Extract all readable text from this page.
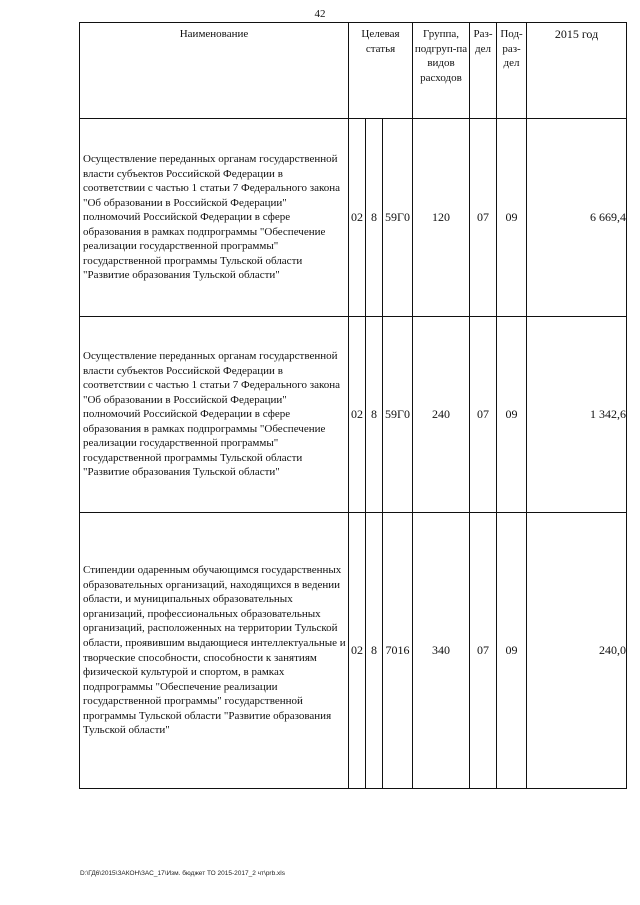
42
Наименование	Целевая статья			Группа, подгруп-па видов расходов	Раз-дел	Под-раз-дел	2015 год
Осуществление переданных органам государственной власти субъектов Российской Федерации в соответствии с частью 1 статьи 7 Федерального закона "Об образовании в Российской Федерации" полномочий Российской Федерации в сфере образования в рамках подпрограммы "Обеспечение реализации государственной программы" государственной программы Тульской области "Развитие образования Тульской области"	02	8	59Г0	120	07	09	6 669,4
Осуществление переданных органам государственной власти субъектов Российской Федерации в соответствии с частью 1 статьи 7 Федерального закона "Об образовании в Российской Федерации" полномочий Российской Федерации в сфере образования в рамках подпрограммы "Обеспечение реализации государственной программы" государственной программы Тульской области "Развитие образования Тульской области"	02	8	59Г0	240	07	09	1 342,6
Стипендии одаренным обучающимся государственных образовательных организаций, находящихся в ведении области, и муниципальных образовательных организаций, профессиональных образовательных организаций, расположенных на территории Тульской области, проявившим выдающиеся интеллектуальные и творческие способности, способности к занятиям физической культурой и спортом, в рамках подпрограммы "Обеспечение реализации государственной программы" государственной программы Тульской области "Развитие образования Тульской области"	02	8	7016	340	07	09	240,0
D:\ГД6\2015\ЗАКОН\ЗАС_17\Изм. бюджет ТО 2015-2017_2 чт\prb.xls
